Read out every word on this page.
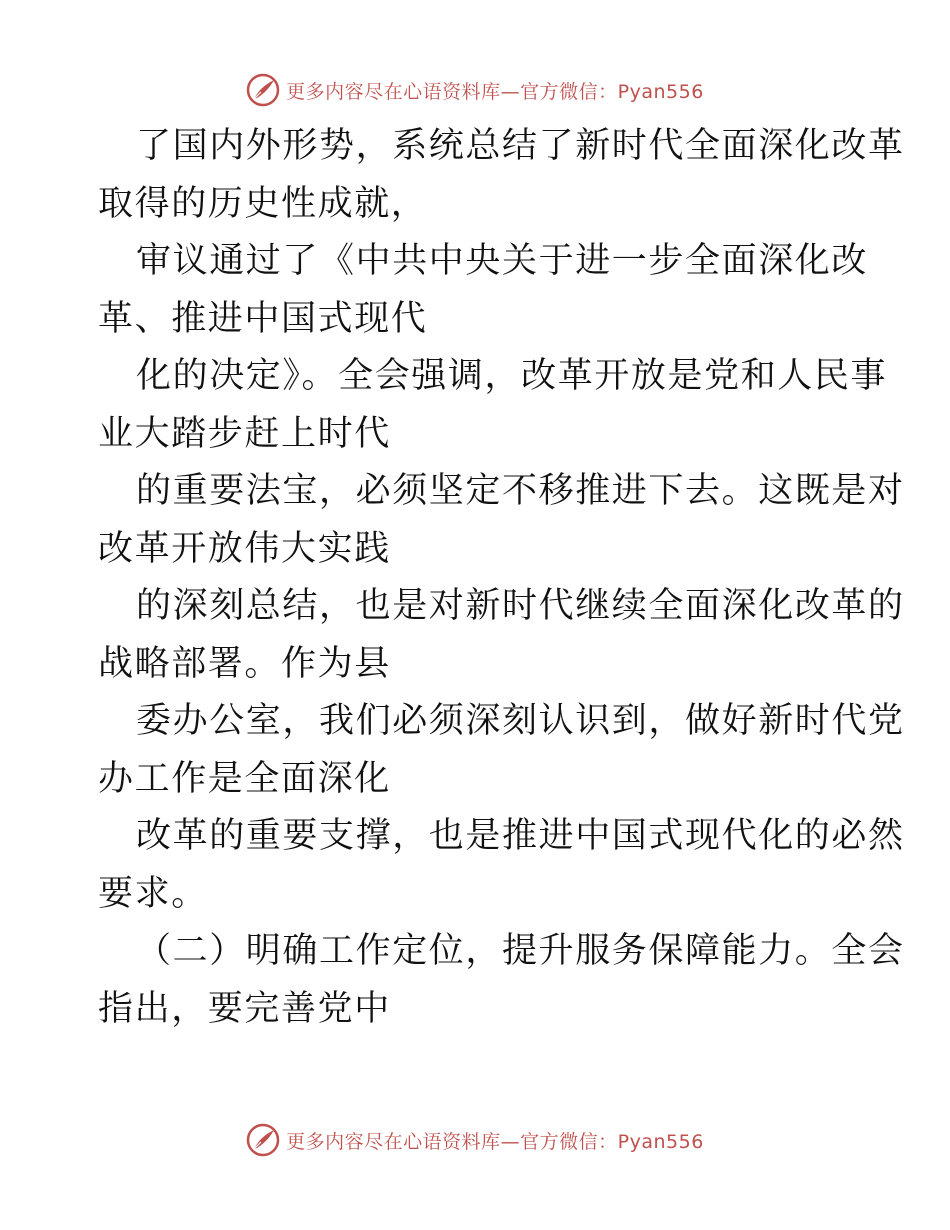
更多内容尽在心语资料库—官方微信：Pyan556
了国内外形势，系统总结了新时代全面深化改革
取得的历史性成就，
审议通过了《中共中央关于进一步全面深化改
革、推进中国式现代
化的决定》。全会强调，改革开放是党和人民事
业大踏步赶上时代
的重要法宝，必须坚定不移推进下去。这既是对
改革开放伟大实践
的深刻总结，也是对新时代继续全面深化改革的
战略部署。作为县
委办公室，我们必须深刻认识到，做好新时代党
办工作是全面深化
改革的重要支撑，也是推进中国式现代化的必然
要求。
（二）明确工作定位，提升服务保障能力。全会
指出，要完善党中
更多内容尽在心语资料库—官方微信：Pyan556
